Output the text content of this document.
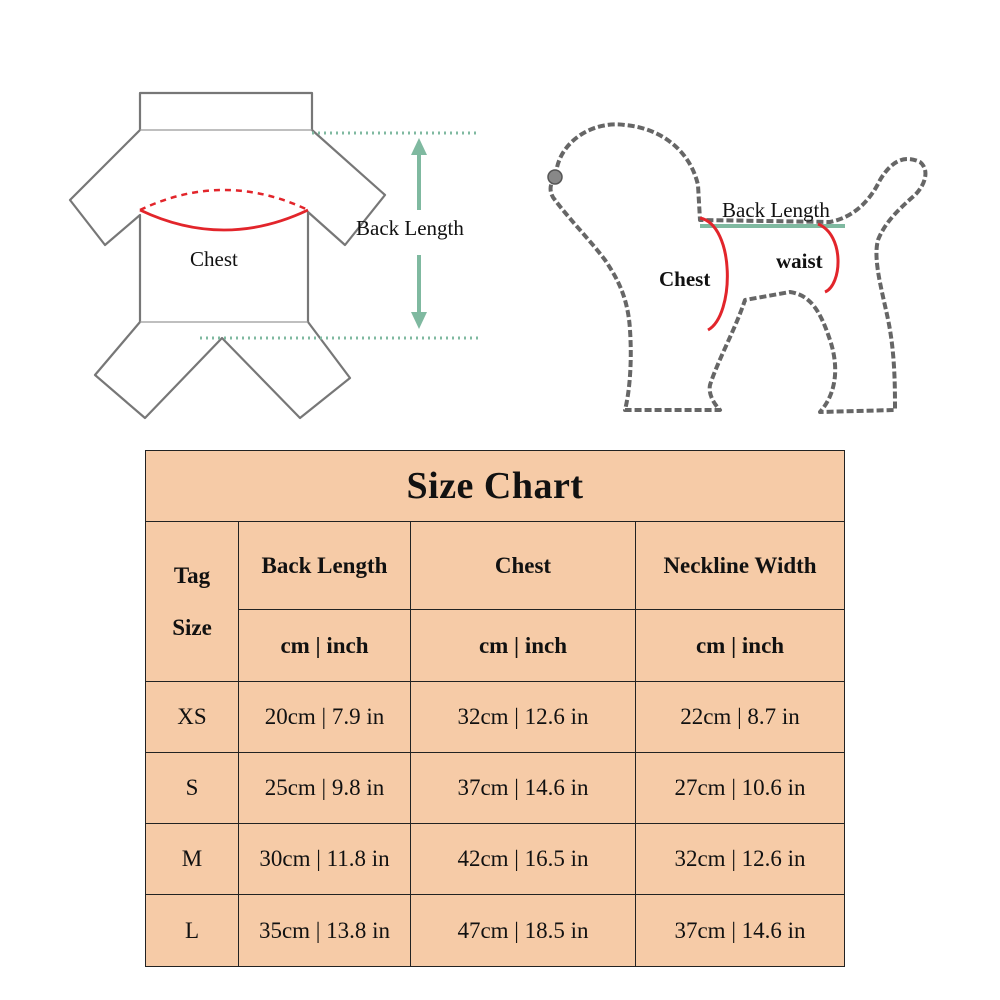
Chest
Back Length
Back Length
Chest
waist
Size Chart			
Tag
Size	Back Length	Chest	Neckline Width
	cm | inch	cm | inch	cm | inch
XS	20cm | 7.9 in	32cm | 12.6 in	22cm | 8.7 in
S	25cm | 9.8 in	37cm | 14.6 in	27cm | 10.6 in
M	30cm | 11.8 in	42cm | 16.5 in	32cm | 12.6 in
L	35cm | 13.8 in	47cm | 18.5 in	37cm | 14.6 in
